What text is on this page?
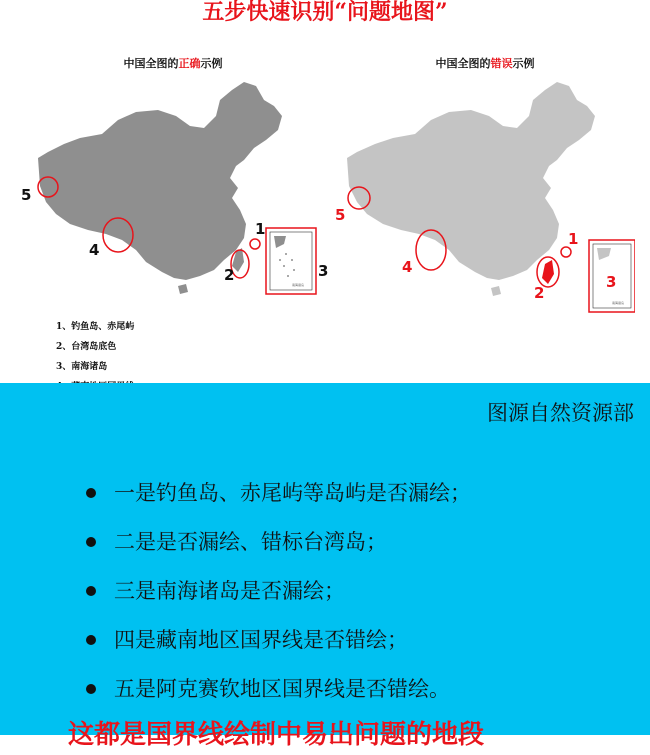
五步快速识别“问题地图”
中国全图的正确示例
南海诸岛
5
4
2
1
3
1、钓鱼岛、赤尾屿
2、台湾岛底色
3、南海诸岛
中国全图的错误示例
南海诸岛
5
4
2
1
3
图源自然资源部
一是钓鱼岛、赤尾屿等岛屿是否漏绘；
二是是否漏绘、错标台湾岛；
三是南海诸岛是否漏绘；
四是藏南地区国界线是否错绘；
五是阿克赛钦地区国界线是否错绘。
这都是国界线绘制中易出问题的地段
